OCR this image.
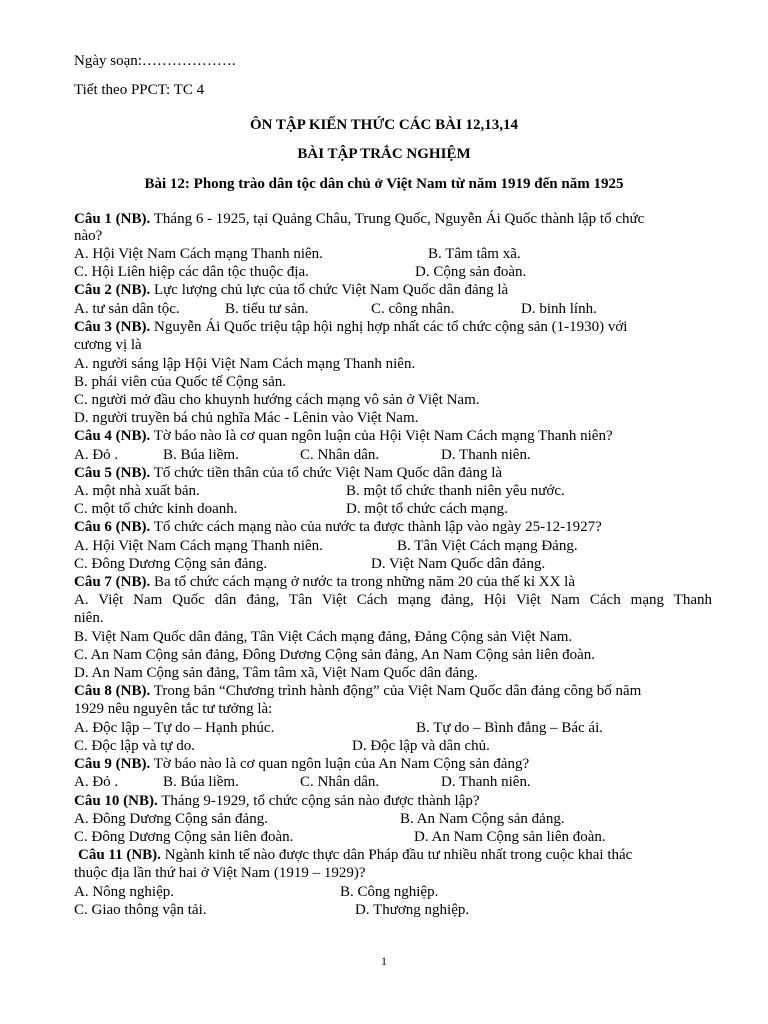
Ngày soạn:……………….
Tiết theo PPCT: TC 4
ÔN TẬP KIẾN THỨC CÁC BÀI 12,13,14
BÀI TẬP TRẮC NGHIỆM
Bài 12: Phong trào dân tộc dân chủ ở Việt Nam từ năm 1919 đến năm 1925
Câu 1 (NB). Tháng 6 - 1925, tại Quảng Châu, Trung Quốc, Nguyễn Ái Quốc thành lập tổ chức
nào?
A. Hội Việt Nam Cách mạng Thanh niên.	B. Tâm tâm xã.
C. Hội Liên hiệp các dân tộc thuộc địa.	D. Cộng sản đoàn.
Câu 2 (NB). Lực lượng chủ lực của tổ chức Việt Nam Quốc dân đảng là
A. tư sản dân tộc.	B. tiểu tư sản.	C. công nhân.	D. binh lính.
Câu 3 (NB). Nguyễn Ái Quốc triệu tập hội nghị hợp nhất các tổ chức cộng sản (1-1930) với
cương vị là
A. người sáng lập Hội Việt Nam Cách mạng Thanh niên.
B. phái viên của Quốc tế Cộng sản.
C. người mở đầu cho khuynh hướng cách mạng vô sản ở Việt Nam.
D. người truyền bá chủ nghĩa Mác - Lênin vào Việt Nam.
Câu 4 (NB). Tờ báo nào là cơ quan ngôn luận của Hội Việt Nam Cách mạng Thanh niên?
A. Đỏ .	B. Búa liềm.	C. Nhân dân.	D. Thanh niên.
Câu 5 (NB). Tổ chức tiền thân của tổ chức Việt Nam Quốc dân đảng là
A. một nhà xuất bản.	B. một tổ chức thanh niên yêu nước.
C. một tổ chức kinh doanh.	D. một tổ chức cách mạng.
Câu 6 (NB). Tổ chức cách mạng nào của nước ta được thành lập vào ngày 25-12-1927?
A. Hội Việt Nam Cách mạng Thanh niên.	B. Tân Việt Cách mạng Đảng.
C. Đông Dương Cộng sản đảng.	D. Việt Nam Quốc dân đảng.
Câu 7 (NB). Ba tổ chức cách mạng ở nước ta trong những năm 20 của thế kỉ XX là
A. Việt Nam Quốc dân đảng, Tân Việt Cách mạng đảng, Hội Việt Nam Cách mạng Thanh
niên.
B. Việt Nam Quốc dân đảng, Tân Việt Cách mạng đảng, Đảng Cộng sản Việt Nam.
C. An Nam Cộng sản đảng, Đông Dương Cộng sản đảng, An Nam Cộng sản liên đoàn.
D. An Nam Cộng sản đảng, Tâm tâm xã, Việt Nam Quốc dân đảng.
Câu 8 (NB). Trong bản “Chương trình hành động” của Việt Nam Quốc dân đảng công bố năm
1929 nêu nguyên tắc tư tưởng là:
A. Độc lập – Tự do – Hạnh phúc.	B. Tự do – Bình đẳng – Bác ái.
C. Độc lập và tự do.	D. Độc lập và dân chủ.
Câu 9 (NB). Tờ báo nào là cơ quan ngôn luận của An Nam Cộng sản đảng?
A. Đỏ .	B. Búa liềm.	C. Nhân dân.	D. Thanh niên.
Câu 10 (NB). Tháng 9-1929, tổ chức cộng sản nào được thành lập?
A. Đông Dương Cộng sản đảng.	B. An Nam Cộng sản đảng.
C. Đông Dương Cộng sản liên đoàn.	D. An Nam Cộng sản liên đoàn.
Câu 11 (NB). Ngành kinh tế nào được thực dân Pháp đầu tư nhiều nhất trong cuộc khai thác
thuộc địa lần thứ hai ở Việt Nam (1919 – 1929)?
A. Nông nghiệp.	B. Công nghiệp.
C. Giao thông vận tải.	D. Thương nghiệp.
1
